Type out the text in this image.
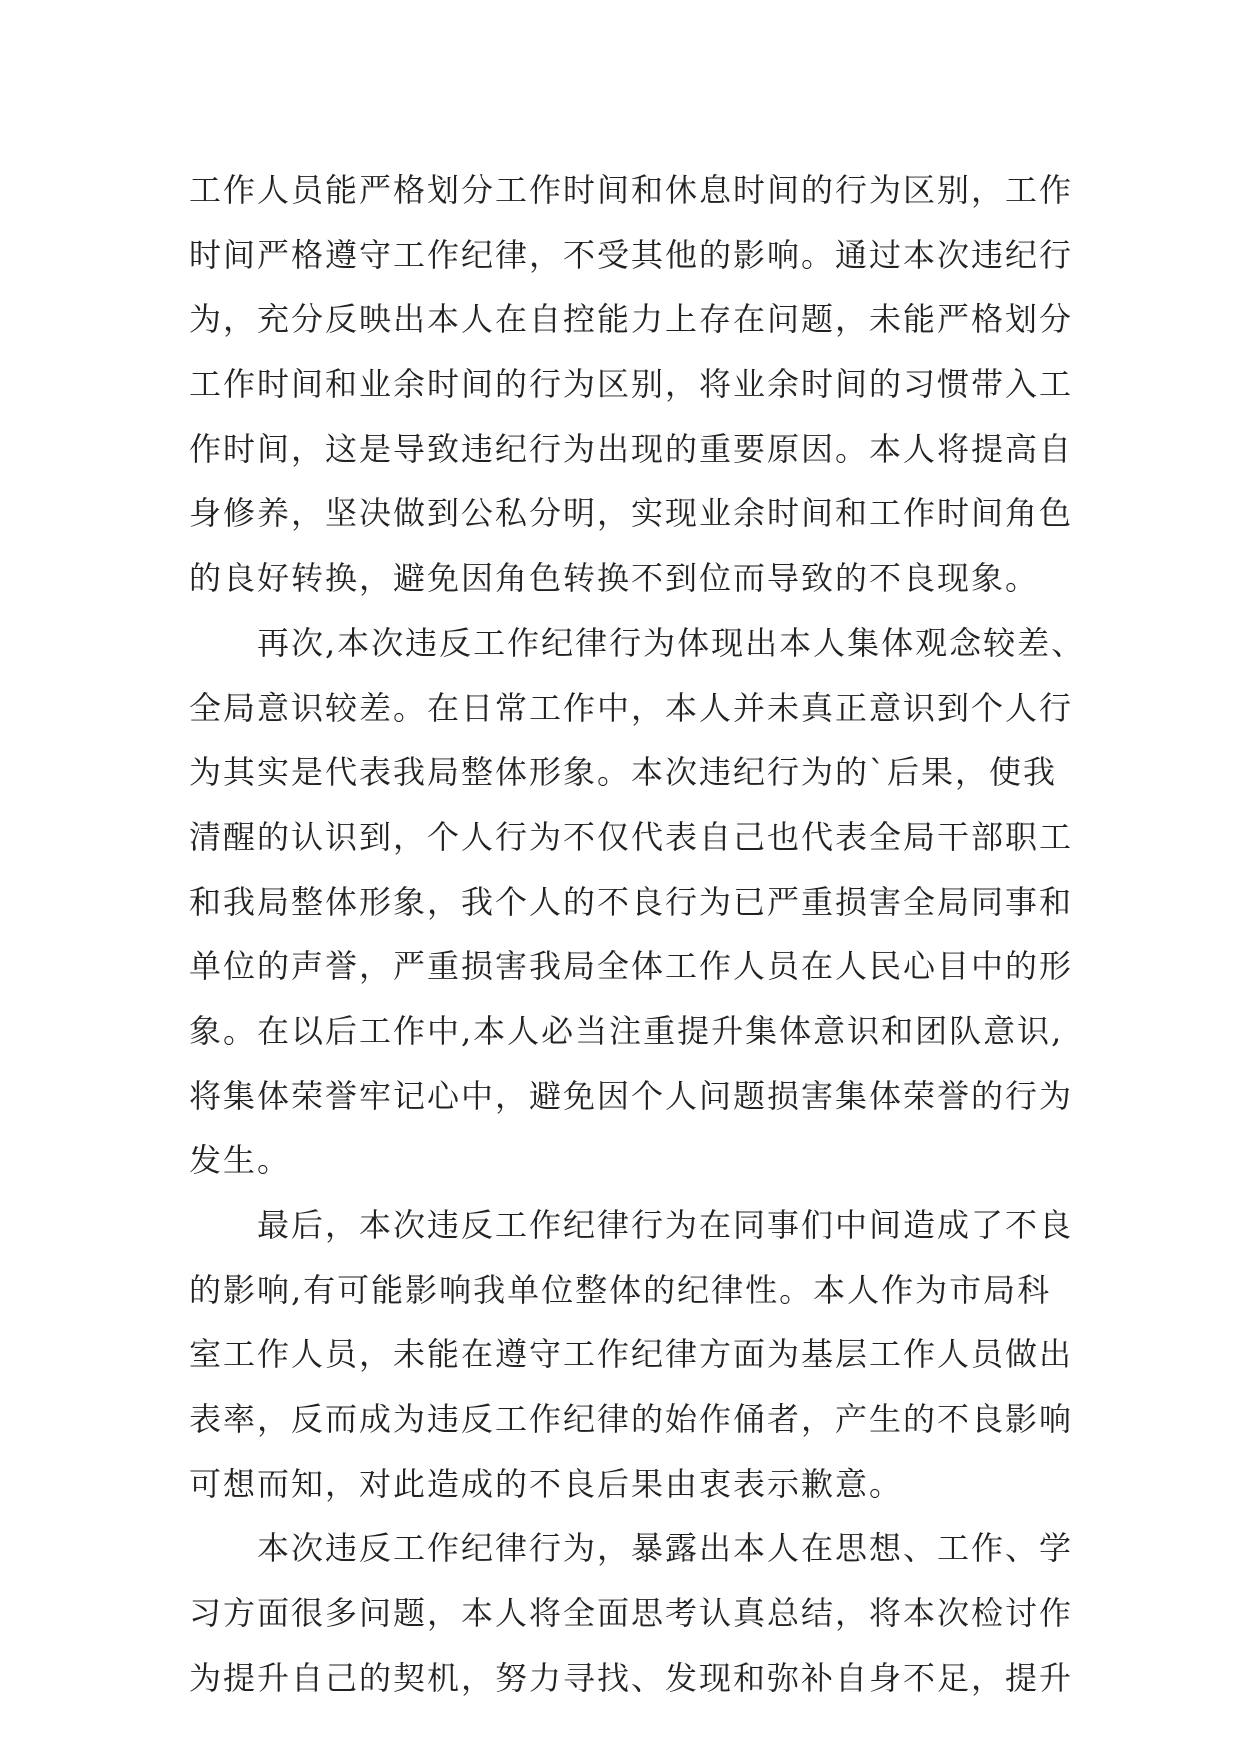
工作人员能严格划分工作时间和休息时间的行为区别，工作
时间严格遵守工作纪律，不受其他的影响。通过本次违纪行
为，充分反映出本人在自控能力上存在问题，未能严格划分
工作时间和业余时间的行为区别，将业余时间的习惯带入工
作时间，这是导致违纪行为出现的重要原因。本人将提高自
身修养，坚决做到公私分明，实现业余时间和工作时间角色
的良好转换，避免因角色转换不到位而导致的不良现象。
再次,本次违反工作纪律行为体现出本人集体观念较差、
全局意识较差。在日常工作中，本人并未真正意识到个人行
为其实是代表我局整体形象。本次违纪行为的`后果，使我
清醒的认识到，个人行为不仅代表自己也代表全局干部职工
和我局整体形象，我个人的不良行为已严重损害全局同事和
单位的声誉，严重损害我局全体工作人员在人民心目中的形
象。在以后工作中,本人必当注重提升集体意识和团队意识,
将集体荣誉牢记心中，避免因个人问题损害集体荣誉的行为
发生。
最后，本次违反工作纪律行为在同事们中间造成了不良
的影响,有可能影响我单位整体的纪律性。本人作为市局科
室工作人员，未能在遵守工作纪律方面为基层工作人员做出
表率，反而成为违反工作纪律的始作俑者，产生的不良影响
可想而知，对此造成的不良后果由衷表示歉意。
本次违反工作纪律行为，暴露出本人在思想、工作、学
习方面很多问题，本人将全面思考认真总结，将本次检讨作
为提升自己的契机，努力寻找、发现和弥补自身不足，提升
